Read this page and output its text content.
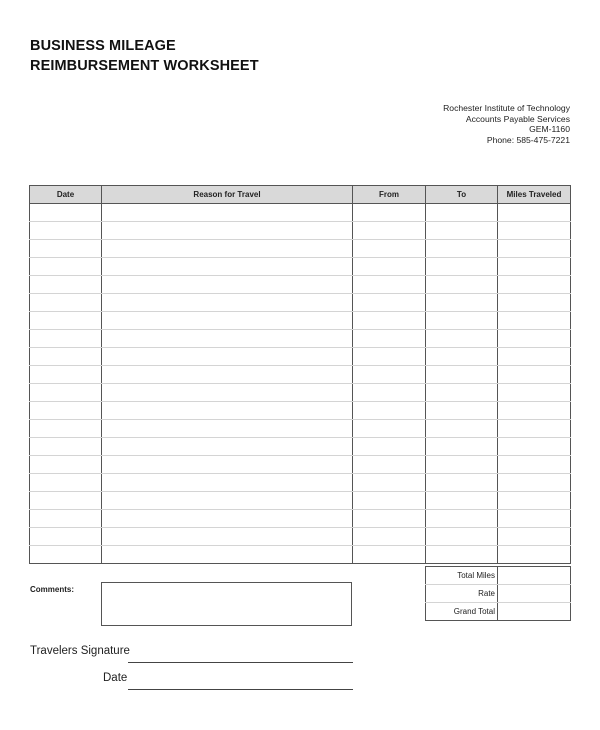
BUSINESS MILEAGE
REIMBURSEMENT WORKSHEET
Rochester Institute of Technology
Accounts Payable Services
GEM-1160
Phone: 585-475-7221
Date	Reason for Travel	From	To	Miles Traveled

Total Miles	
Rate	
Grand Total	
Comments:
Travelers Signature
Date
